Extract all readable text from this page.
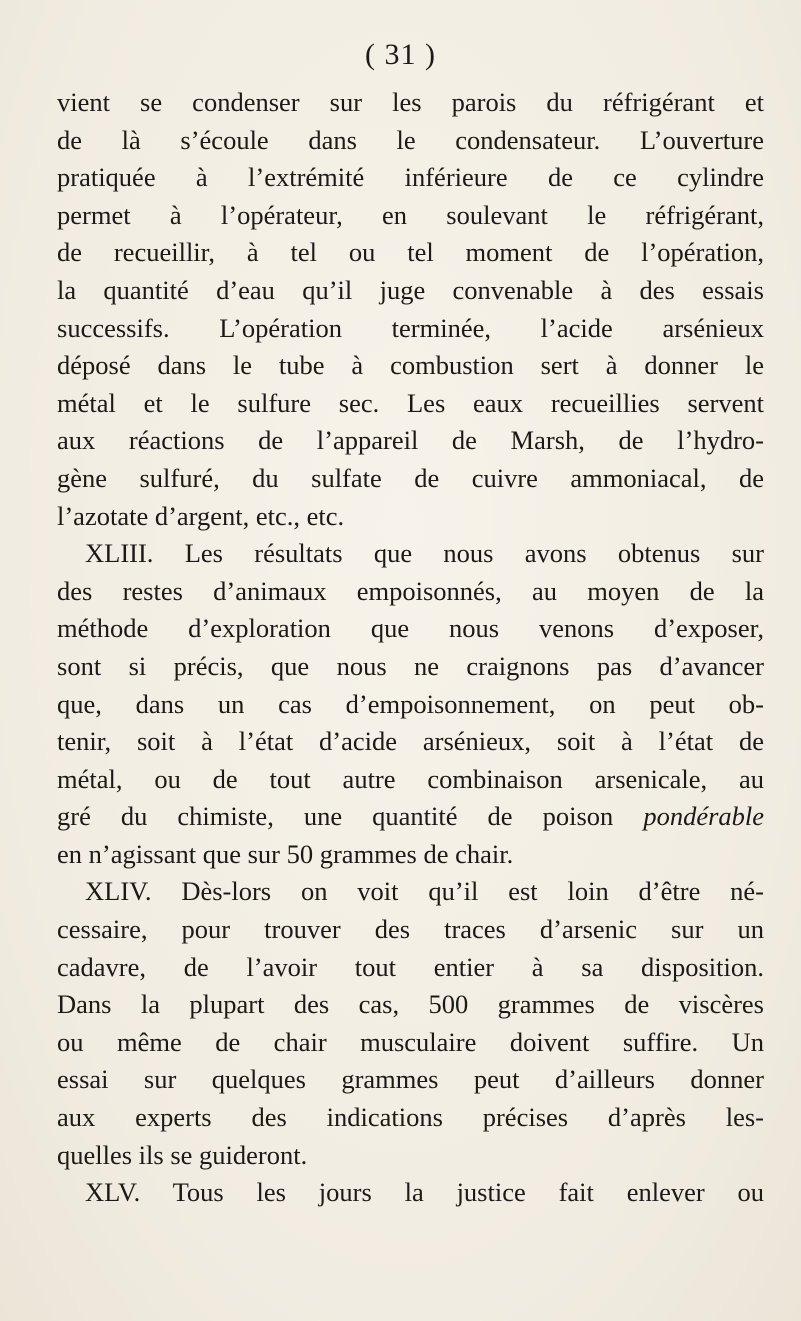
( 31 )
vient se condenser sur les parois du réfrigérant et
de là s’écoule dans le condensateur. L’ouverture
pratiquée à l’extrémité inférieure de ce cylindre
permet à l’opérateur, en soulevant le réfrigérant,
de recueillir, à tel ou tel moment de l’opération,
la quantité d’eau qu’il juge convenable à des essais
successifs. L’opération terminée, l’acide arsénieux
déposé dans le tube à combustion sert à donner le
métal et le sulfure sec. Les eaux recueillies servent
aux réactions de l’appareil de Marsh, de l’hydro-
gène sulfuré, du sulfate de cuivre ammoniacal, de
l’azotate d’argent, etc., etc.
XLIII. Les résultats que nous avons obtenus sur
des restes d’animaux empoisonnés, au moyen de la
méthode d’exploration que nous venons d’exposer,
sont si précis, que nous ne craignons pas d’avancer
que, dans un cas d’empoisonnement, on peut ob-
tenir, soit à l’état d’acide arsénieux, soit à l’état de
métal, ou de tout autre combinaison arsenicale, au
gré du chimiste, une quantité de poison pondérable
en n’agissant que sur 50 grammes de chair.
XLIV. Dès-lors on voit qu’il est loin d’être né-
cessaire, pour trouver des traces d’arsenic sur un
cadavre, de l’avoir tout entier à sa disposition.
Dans la plupart des cas, 500 grammes de viscères
ou même de chair musculaire doivent suffire. Un
essai sur quelques grammes peut d’ailleurs donner
aux experts des indications précises d’après les-
quelles ils se guideront.
XLV. Tous les jours la justice fait enlever ou
